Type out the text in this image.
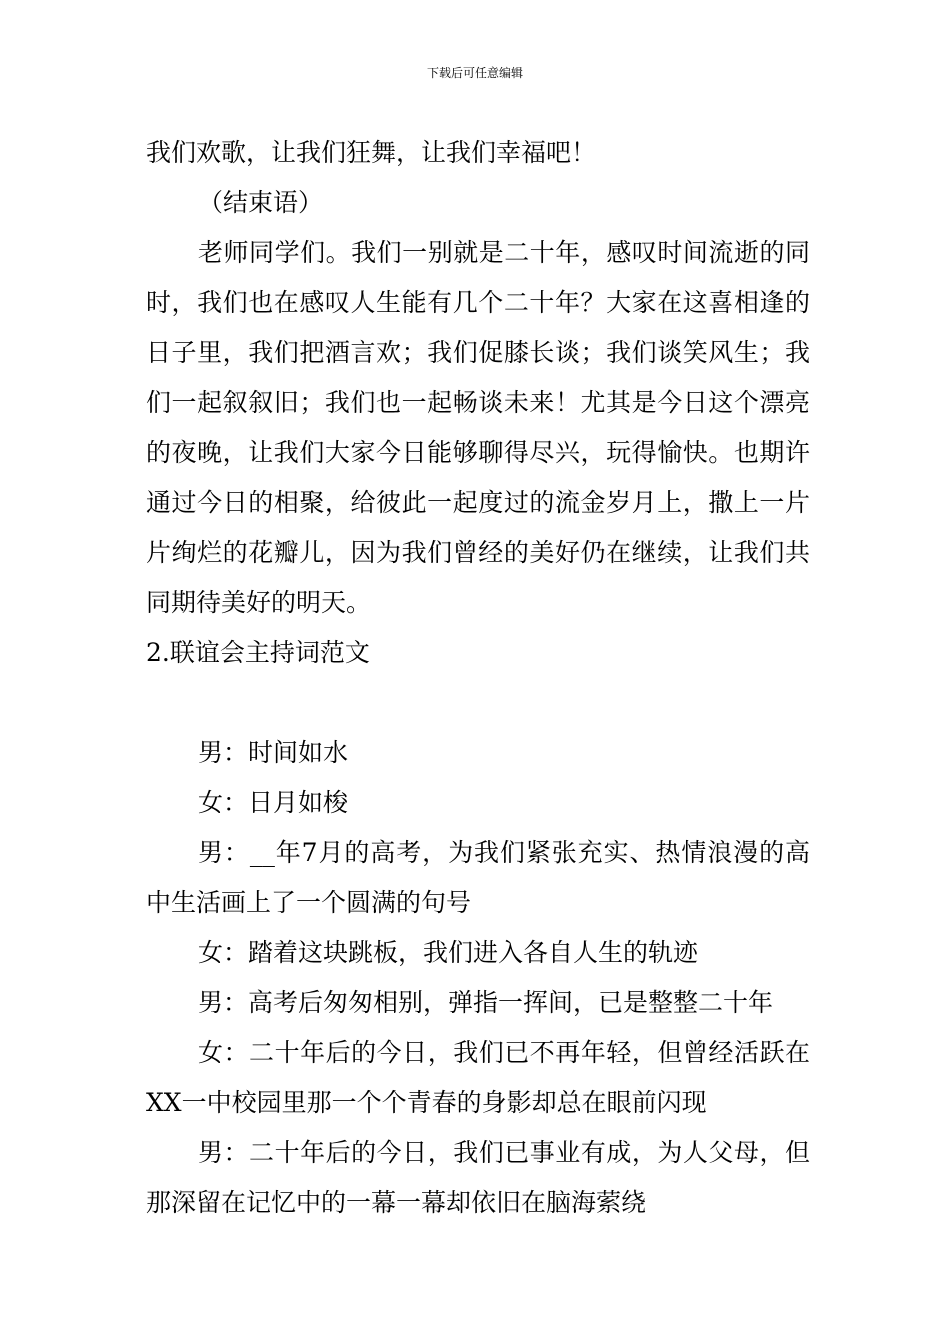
下载后可任意编辑

我们欢歌，让我们狂舞，让我们幸福吧！

（结束语）

老师同学们。我们一别就是二十年，感叹时间流逝的同时，我们也在感叹人生能有几个二十年？大家在这喜相逢的日子里，我们把酒言欢；我们促膝长谈；我们谈笑风生；我们一起叙叙旧；我们也一起畅谈未来！尤其是今日这个漂亮的夜晚，让我们大家今日能够聊得尽兴，玩得愉快。也期许通过今日的相聚，给彼此一起度过的流金岁月上，撒上一片片绚烂的花瓣儿，因为我们曾经的美好仍在继续，让我们共同期待美好的明天。

2.联谊会主持词范文

男：时间如水

女：日月如梭

男：__年7月的高考，为我们紧张充实、热情浪漫的高中生活画上了一个圆满的句号

女：踏着这块跳板，我们进入各自人生的轨迹

男：高考后匆匆相别，弹指一挥间，已是整整二十年

女：二十年后的今日，我们已不再年轻，但曾经活跃在XX一中校园里那一个个青春的身影却总在眼前闪现

男：二十年后的今日，我们已事业有成，为人父母，但那深留在记忆中的一幕一幕却依旧在脑海萦绕
